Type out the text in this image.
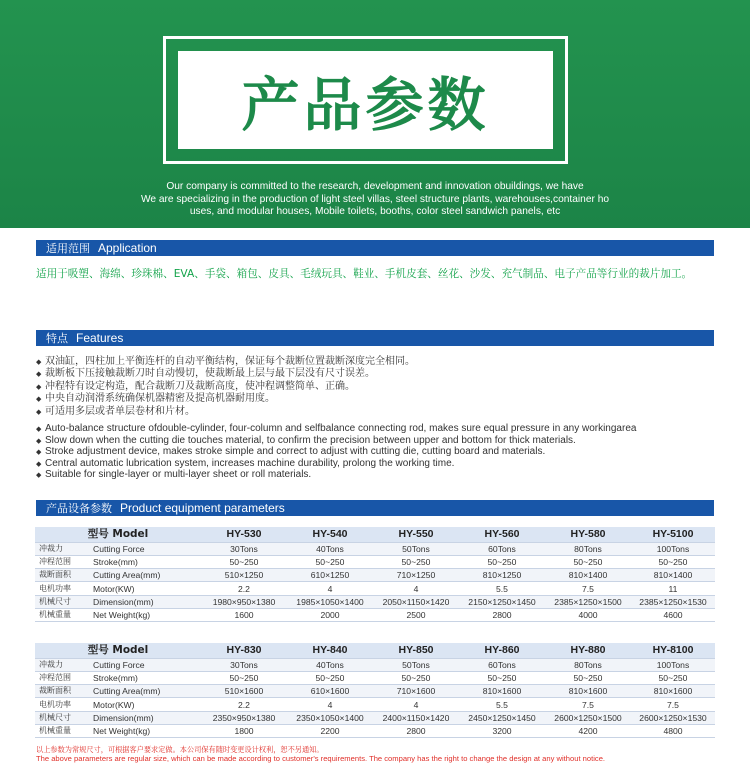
产品参数
Our company is committed to the research, development and innovation obuildings, we have
We are specializing in the production of light steel villas, steel structure plants, warehouses,container ho
uses, and modular houses, Mobile toilets, booths, color steel sandwich panels, etc
适用范围 Application
适用于吸塑、海绵、珍珠棉、EVA、手袋、箱包、皮具、毛绒玩具、鞋业、手机皮套、丝花、沙发、充气制品、电子产品等行业的裁片加工。
特点 Features
◆ 双油缸，四柱加上平衡连杆的自动平衡结构，保证每个裁断位置裁断深度完全相同。
◆ 裁断板下压接触裁断刀时自动慢切，使裁断最上层与最下层没有尺寸误差。
◆ 冲程特有设定构造，配合裁断刀及裁断高度，使冲程调整简单、正确。
◆ 中央自动润滑系统确保机器精密及提高机器耐用度。
◆ 可适用多层或者单层卷材和片材。
◆ Auto-balance structure ofdouble-cylinder, four-column and selfbalance connecting rod, makes sure equal pressure in any workingarea
◆ Slow down when the cutting die touches material, to confirm the precision between upper and bottom for thick materials.
◆ Stroke adjustment device, makes stroke simple and correct to adjust with cutting die, cutting board and materials.
◆ Central automatic lubrication system, increases machine durability, prolong the working time.
◆ Suitable for single-layer or multi-layer sheet or roll materials.
产品设备参数 Product equipment parameters
型号 Model		HY-530	HY-540	HY-550	HY-560	HY-580	HY-5100
冲裁力	Cutting Force	30Tons	40Tons	50Tons	60Tons	80Tons	100Tons
冲程范围	Stroke(mm)	50~250	50~250	50~250	50~250	50~250	50~250
裁断面积	Cutting Area(mm)	510×1250	610×1250	710×1250	810×1250	810×1400	810×1400
电机功率	Motor(KW)	2.2	4	4	5.5	7.5	11
机械尺寸	Dimension(mm)	1980×950×1380	1985×1050×1400	2050×1150×1420	2150×1250×1450	2385×1250×1500	2385×1250×1530
机械重量	Net Weight(kg)	1600	2000	2500	2800	4000	4600
型号 Model		HY-830	HY-840	HY-850	HY-860	HY-880	HY-8100
冲裁力	Cutting Force	30Tons	40Tons	50Tons	60Tons	80Tons	100Tons
冲程范围	Stroke(mm)	50~250	50~250	50~250	50~250	50~250	50~250
裁断面积	Cutting Area(mm)	510×1600	610×1600	710×1600	810×1600	810×1600	810×1600
电机功率	Motor(KW)	2.2	4	4	5.5	7.5	7.5
机械尺寸	Dimension(mm)	2350×950×1380	2350×1050×1400	2400×1150×1420	2450×1250×1450	2600×1250×1500	2600×1250×1530
机械重量	Net Weight(kg)	1800	2200	2800	3200	4200	4800
以上参数为常规尺寸，可根据客户要求定做。本公司保有随时变更设计权利，恕不另通知。
The above parameters are regular size, which can be made according to customer's requirements. The company has the right to change the design at any without notice.
